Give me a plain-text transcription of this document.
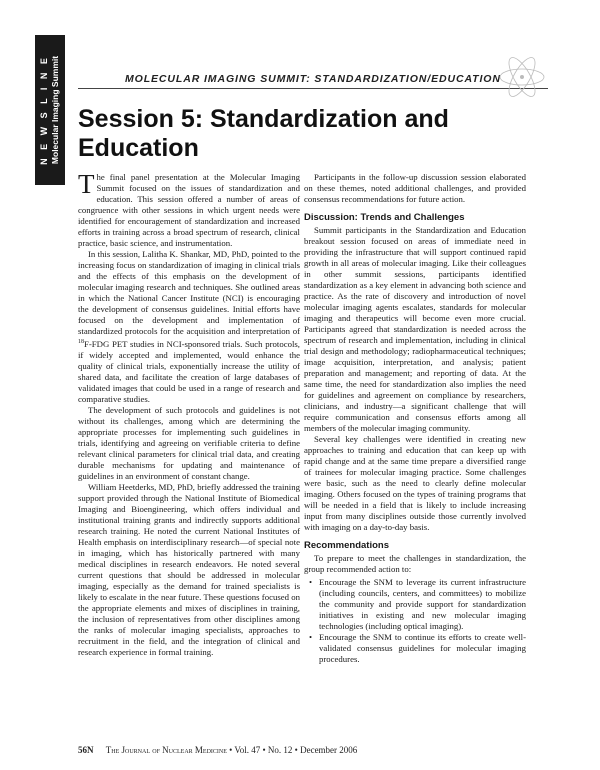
N E W S L I N E Molecular Imaging Summit	MOLECULAR IMAGING SUMMIT: STANDARDIZATION/EDUCATION
Session 5: Standardization and Education

The final panel presentation at the Molecular Imaging Summit focused on the issues of standardization and education. This session offered a number of areas of congruence with other sessions in which urgent needs were identified for encouragement of standardization and increased efforts in training across a broad spectrum of research, clinical practice, basic science, and instrumentation.

In this session, Lalitha K. Shankar, MD, PhD, pointed to the increasing focus on standardization of imaging in clinical trials and the effects of this emphasis on the development of molecular imaging research and techniques. She outlined areas in which the National Cancer Institute (NCI) is encouraging the development of consensus guidelines. Initial efforts have focused on the development and implementation of standardized protocols for the acquisition and interpretation of $^{18}$F-FDG PET studies in NCI-sponsored trials. Such protocols, if widely accepted and implemented, would enhance the quality of clinical trials, exponentially increase the utility of shared data, and facilitate the creation of large databases of validated images that could be used in a range of research and comparative studies.

The development of such protocols and guidelines is not without its challenges, among which are determining the appropriate processes for implementing such guidelines in trials, identifying and agreeing on verifiable criteria to define relevant clinical parameters for clinical trial data, and creating durable mechanisms for updating and maintenance of guidelines in an environment of constant change.

William Heetderks, MD, PhD, briefly addressed the training support provided through the National Institute of Biomedical Imaging and Bioengineering, which offers individual and institutional training grants and indirectly supports additional research training. He noted the current National Institutes of Health emphasis on interdisciplinary research—of special note in imaging, which has historically partnered with many medical disciplines in research endeavors. He noted several current questions that should be addressed in molecular imaging, especially as the demand for trained specialists is likely to escalate in the near future. These questions focused on the appropriate elements and mixes of disciplines in training, the inclusion of representatives from other disciplines among the ranks of molecular imaging specialists, approaches to recruitment in the field, and the integration of clinical and research experience in formal training.

Participants in the follow-up discussion session elaborated on these themes, noted additional challenges, and provided consensus recommendations for future action.

Discussion: Trends and Challenges

Summit participants in the Standardization and Education breakout session focused on areas of immediate need in providing the infrastructure that will support continued rapid growth in all areas of molecular imaging. Like their colleagues in other summit sessions, participants identified standardization as a key element in advancing both science and practice. As the rate of discovery and introduction of novel molecular imaging agents escalates, standards for molecular imaging and therapeutics will become even more crucial. Participants agreed that standardization is needed across the spectrum of research and implementation, including in clinical trial design and methodology; radiopharmaceutical techniques; image acquisition, interpretation, and analysis; patient preparation and management; and reporting of data. At the same time, the need for standardization also implies the need for guidelines and agreement on compliance by researchers, clinicians, and industry—a significant challenge that will require communication and consensus efforts among all members of the molecular imaging community.

Several key challenges were identified in creating new approaches to training and education that can keep up with rapid change and at the same time prepare a diversified range of trainees for molecular imaging practice. Some challenges were basic, such as the need to clearly define molecular imaging. Others focused on the types of training programs that will be needed in a field that is likely to include increasing input from many disciplines outside those currently involved with imaging on a day-to-day basis.

Recommendations

To prepare to meet the challenges in standardization, the group recommended action to:

• Encourage the SNM to leverage its current infrastructure (including councils, centers, and committees) to mobilize the community and provide support for standardization initiatives in existing and new molecular imaging technologies (including optical imaging).
• Encourage the SNM to continue its efforts to create well-validated consensus guidelines for molecular imaging procedures.
56N The Journal of Nuclear Medicine • Vol. 47 • No. 12 • December 2006
